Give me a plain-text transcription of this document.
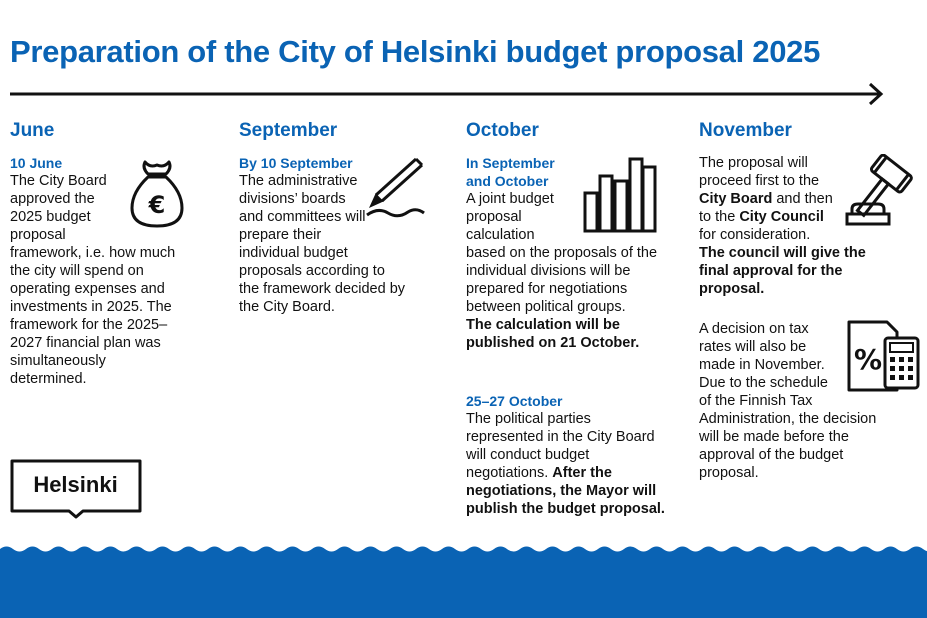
Preparation of the City of Helsinki budget proposal 2025
June
10 June
The City Board approved the 2025 budget proposal
framework, i.e. how much the city will spend on operating expenses and investments in 2025. The framework for the 2025–2027 financial plan was simultaneously determined.
€
September
By 10 September
The administrative divisions’ boards and committees will prepare their individual budget
proposals according to the framework decided by the City Board.
October
In September and October
A joint budget proposal calculation
based on the proposals of the individual divisions will be prepared for negotiations between political groups.
The calculation will be published on 21 October.
25–27 October
The political parties represented in the City Board will conduct budget negotiations. After the negotiations, the Mayor will publish the budget proposal.
November
The proposal will proceed first to the City Board and then to the City Council for consideration.
The council will give the final approval for the proposal.
A decision on tax rates will also be made in November. Due to the schedule of the Finnish Tax
Administration, the decision will be made before the approval of the budget proposal.
%
Helsinki
